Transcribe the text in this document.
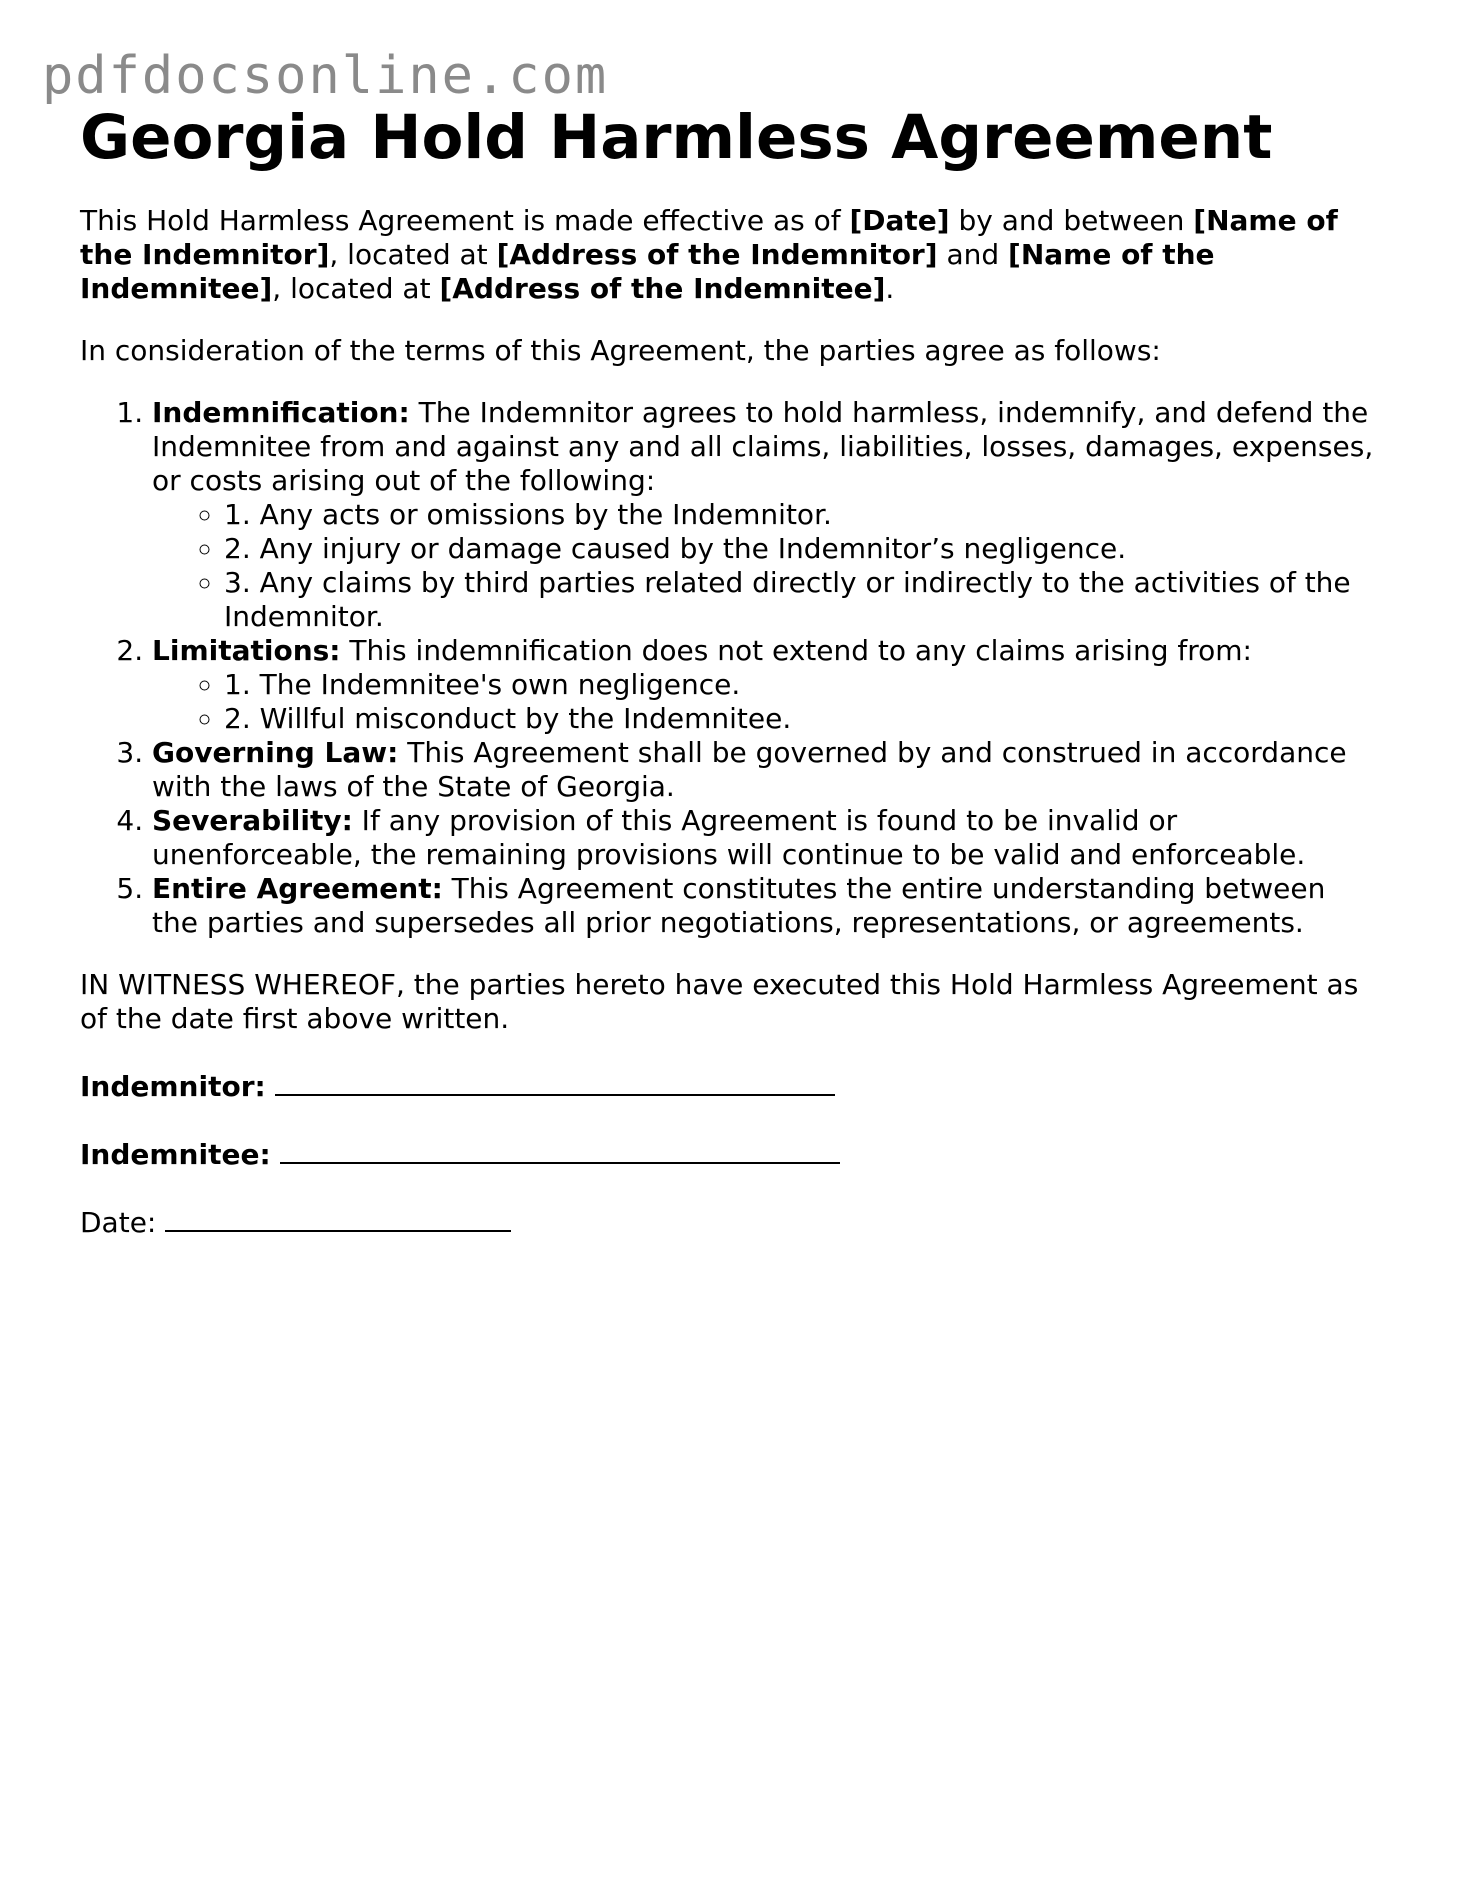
pdfdocsonline.com
Georgia Hold Harmless Agreement

This Hold Harmless Agreement is made effective as of [Date] by and between [Name of the Indemnitor], located at [Address of the Indemnitor] and [Name of the Indemnitee], located at [Address of the Indemnitee].

In consideration of the terms of this Agreement, the parties agree as follows:

1. Indemnification: The Indemnitor agrees to hold harmless, indemnify, and defend the Indemnitee from and against any and all claims, liabilities, losses, damages, expenses, or costs arising out of the following:
◦ 1. Any acts or omissions by the Indemnitor.
◦ 2. Any injury or damage caused by the Indemnitor’s negligence.
◦ 3. Any claims by third parties related directly or indirectly to the activities of the Indemnitor.
2. Limitations: This indemnification does not extend to any claims arising from:
◦ 1. The Indemnitee's own negligence.
◦ 2. Willful misconduct by the Indemnitee.
3. Governing Law: This Agreement shall be governed by and construed in accordance with the laws of the State of Georgia.
4. Severability: If any provision of this Agreement is found to be invalid or unenforceable, the remaining provisions will continue to be valid and enforceable.
5. Entire Agreement: This Agreement constitutes the entire understanding between the parties and supersedes all prior negotiations, representations, or agreements.

IN WITNESS WHEREOF, the parties hereto have executed this Hold Harmless Agreement as of the date first above written.

Indemnitor:

Indemnitee:

Date:
